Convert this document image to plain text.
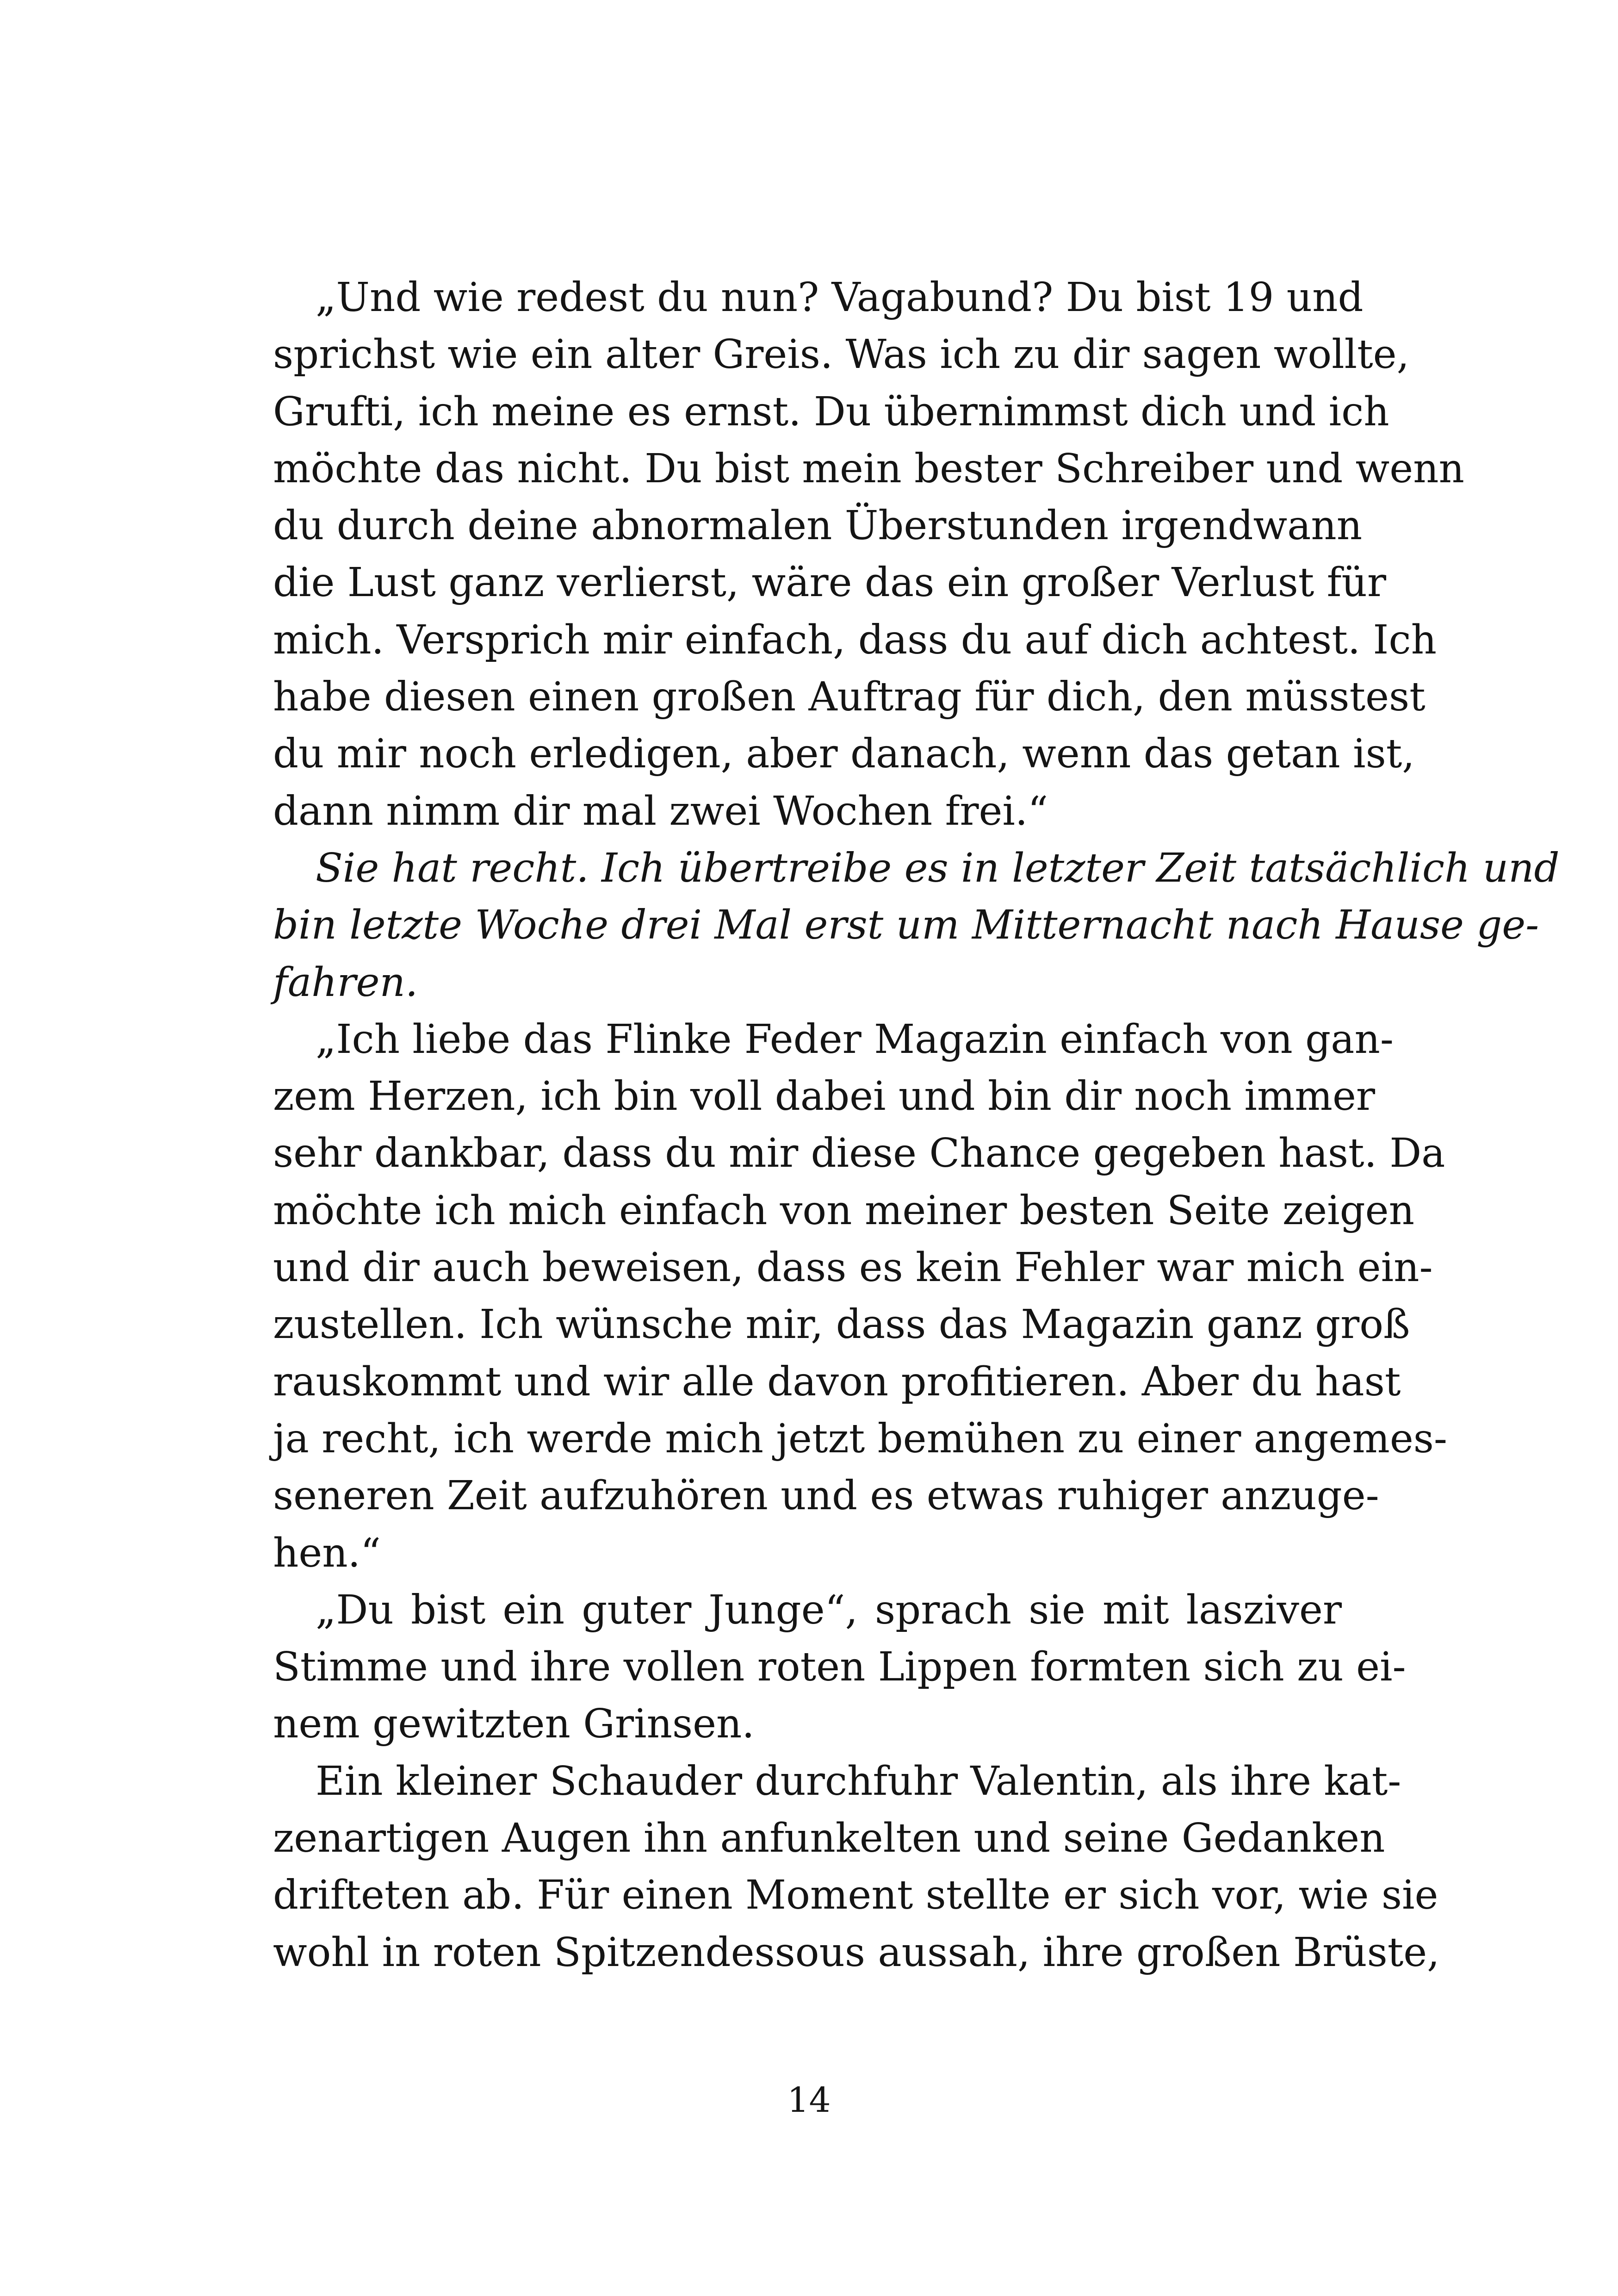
„Und wie redest du nun? Vagabund? Du bist 19 und
sprichst wie ein alter Greis. Was ich zu dir sagen wollte,
Grufti, ich meine es ernst. Du übernimmst dich und ich
möchte das nicht. Du bist mein bester Schreiber und wenn
du durch deine abnormalen Überstunden irgendwann
die Lust ganz verlierst, wäre das ein großer Verlust für
mich. Versprich mir einfach, dass du auf dich achtest. Ich
habe diesen einen großen Auftrag für dich, den müsstest
du mir noch erledigen, aber danach, wenn das getan ist,
dann nimm dir mal zwei Wochen frei.“
Sie hat recht. Ich übertreibe es in letzter Zeit tatsächlich und
bin letzte Woche drei Mal erst um Mitternacht nach Hause ge-
fahren.
„Ich liebe das Flinke Feder Magazin einfach von gan-
zem Herzen, ich bin voll dabei und bin dir noch immer
sehr dankbar, dass du mir diese Chance gegeben hast. Da
möchte ich mich einfach von meiner besten Seite zeigen
und dir auch beweisen, dass es kein Fehler war mich ein-
zustellen. Ich wünsche mir, dass das Magazin ganz groß
rauskommt und wir alle davon profitieren. Aber du hast
ja recht, ich werde mich jetzt bemühen zu einer angemes-
seneren Zeit aufzuhören und es etwas ruhiger anzuge-
hen.“
„Du bist ein guter Junge“, sprach sie mit lasziver
Stimme und ihre vollen roten Lippen formten sich zu ei-
nem gewitzten Grinsen.
Ein kleiner Schauder durchfuhr Valentin, als ihre kat-
zenartigen Augen ihn anfunkelten und seine Gedanken
drifteten ab. Für einen Moment stellte er sich vor, wie sie
wohl in roten Spitzendessous aussah, ihre großen Brüste,
14
